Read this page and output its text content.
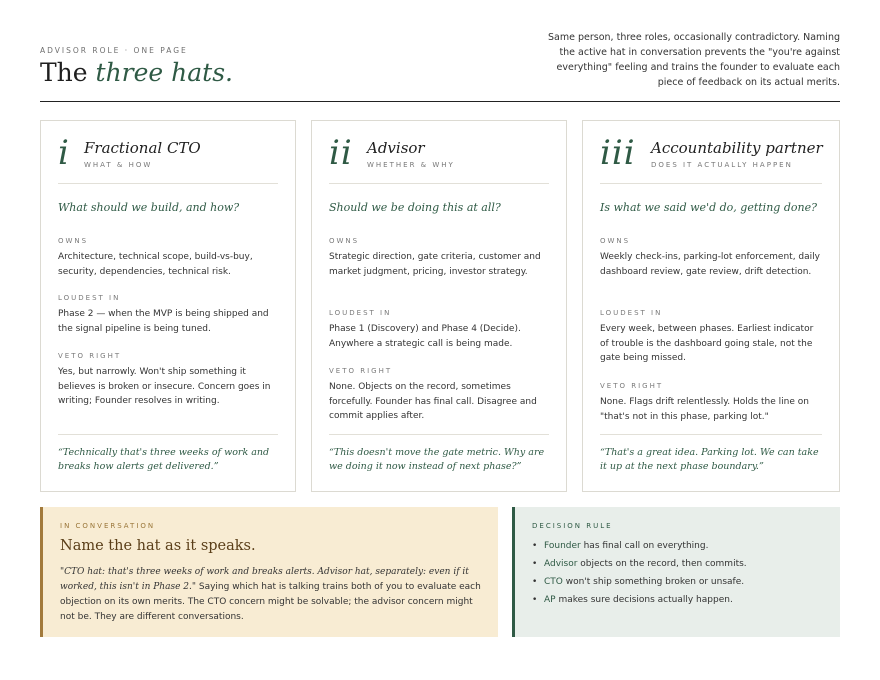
ADVISOR ROLE · ONE PAGE
The three hats.
Same person, three roles, occasionally contradictory. Naming the active hat in conversation prevents the "you're against everything" feeling and trains the founder to evaluate each piece of feedback on its actual merits.
i Fractional CTO
WHAT & HOW
What should we build, and how?
OWNS
Architecture, technical scope, build-vs-buy, security, dependencies, technical risk.
LOUDEST IN
Phase 2 — when the MVP is being shipped and the signal pipeline is being tuned.
VETO RIGHT
Yes, but narrowly. Won't ship something it believes is broken or insecure. Concern goes in writing; Founder resolves in writing.
“Technically that's three weeks of work and breaks how alerts get delivered.”
ii Advisor
WHETHER & WHY
Should we be doing this at all?
OWNS
Strategic direction, gate criteria, customer and market judgment, pricing, investor strategy.
LOUDEST IN
Phase 1 (Discovery) and Phase 4 (Decide). Anywhere a strategic call is being made.
VETO RIGHT
None. Objects on the record, sometimes forcefully. Founder has final call. Disagree and commit applies after.
“This doesn't move the gate metric. Why are we doing it now instead of next phase?”
iii Accountability partner
DOES IT ACTUALLY HAPPEN
Is what we said we'd do, getting done?
OWNS
Weekly check-ins, parking-lot enforcement, daily dashboard review, gate review, drift detection.
LOUDEST IN
Every week, between phases. Earliest indicator of trouble is the dashboard going stale, not the gate being missed.
VETO RIGHT
None. Flags drift relentlessly. Holds the line on "that's not in this phase, parking lot."
“That's a great idea. Parking lot. We can take it up at the next phase boundary.”
IN CONVERSATION
Name the hat as it speaks.
"CTO hat: that's three weeks of work and breaks alerts. Advisor hat, separately: even if it worked, this isn't in Phase 2." Saying which hat is talking trains both of you to evaluate each objection on its own merits. The CTO concern might be solvable; the advisor concern might not be. They are different conversations.
DECISION RULE
• Founder has final call on everything.
• Advisor objects on the record, then commits.
• CTO won't ship something broken or unsafe.
• AP makes sure decisions actually happen.
